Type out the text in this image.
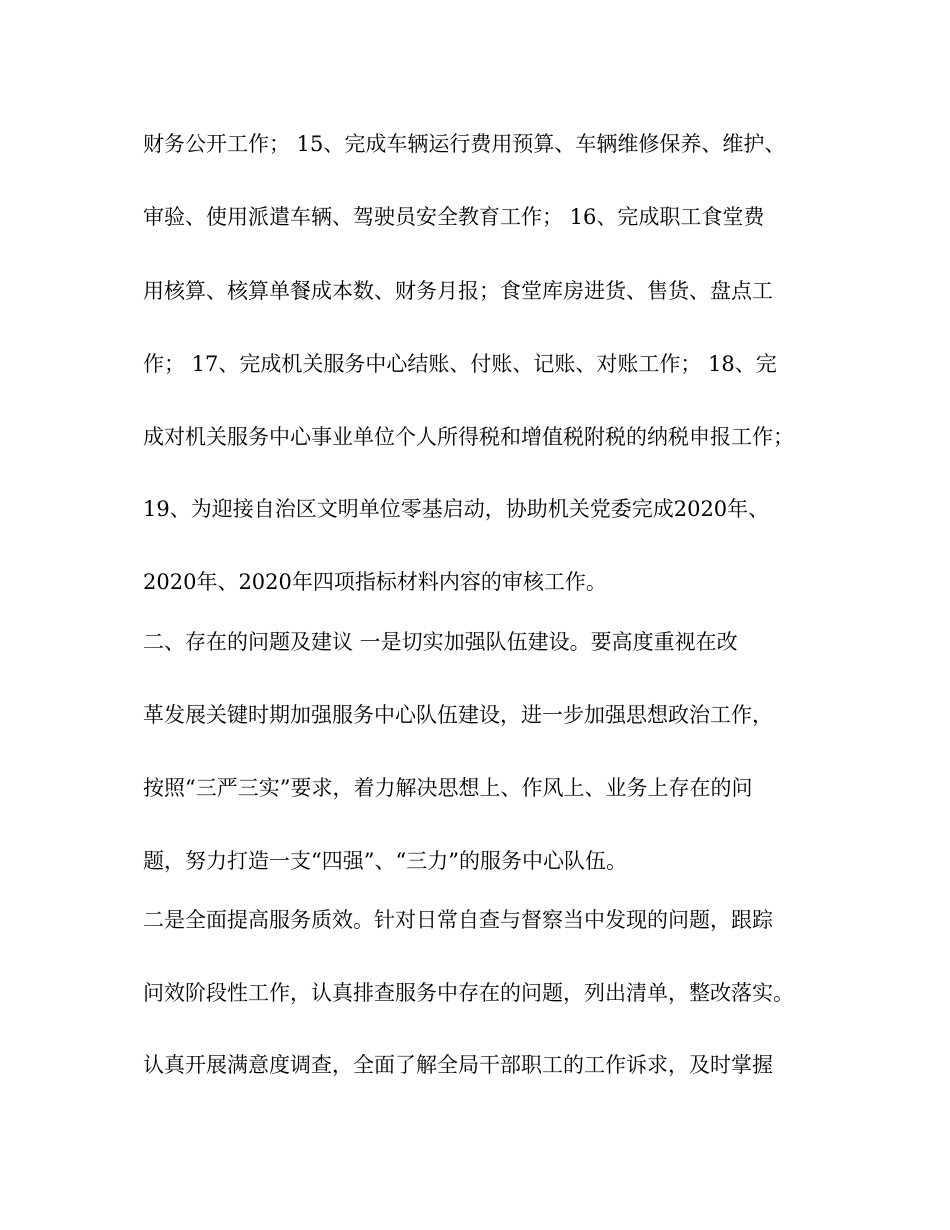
财务公开工作； 15、完成车辆运行费用预算、车辆维修保养、维护、
审验、使用派遣车辆、驾驶员安全教育工作； 16、完成职工食堂费
用核算、核算单餐成本数、财务月报；食堂库房进货、售货、盘点工
作； 17、完成机关服务中心结账、付账、记账、对账工作； 18、完
成对机关服务中心事业单位个人所得税和增值税附税的纳税申报工作；
19、为迎接自治区文明单位零基启动，协助机关党委完成2020年、
2020年、2020年四项指标材料内容的审核工作。
二、存在的问题及建议 一是切实加强队伍建设。要高度重视在改
革发展关键时期加强服务中心队伍建设，进一步加强思想政治工作，
按照“三严三实”要求，着力解决思想上、作风上、业务上存在的问
题，努力打造一支“四强”、“三力”的服务中心队伍。
二是全面提高服务质效。针对日常自查与督察当中发现的问题，跟踪
问效阶段性工作，认真排查服务中存在的问题，列出清单，整改落实。
认真开展满意度调查，全面了解全局干部职工的工作诉求，及时掌握
